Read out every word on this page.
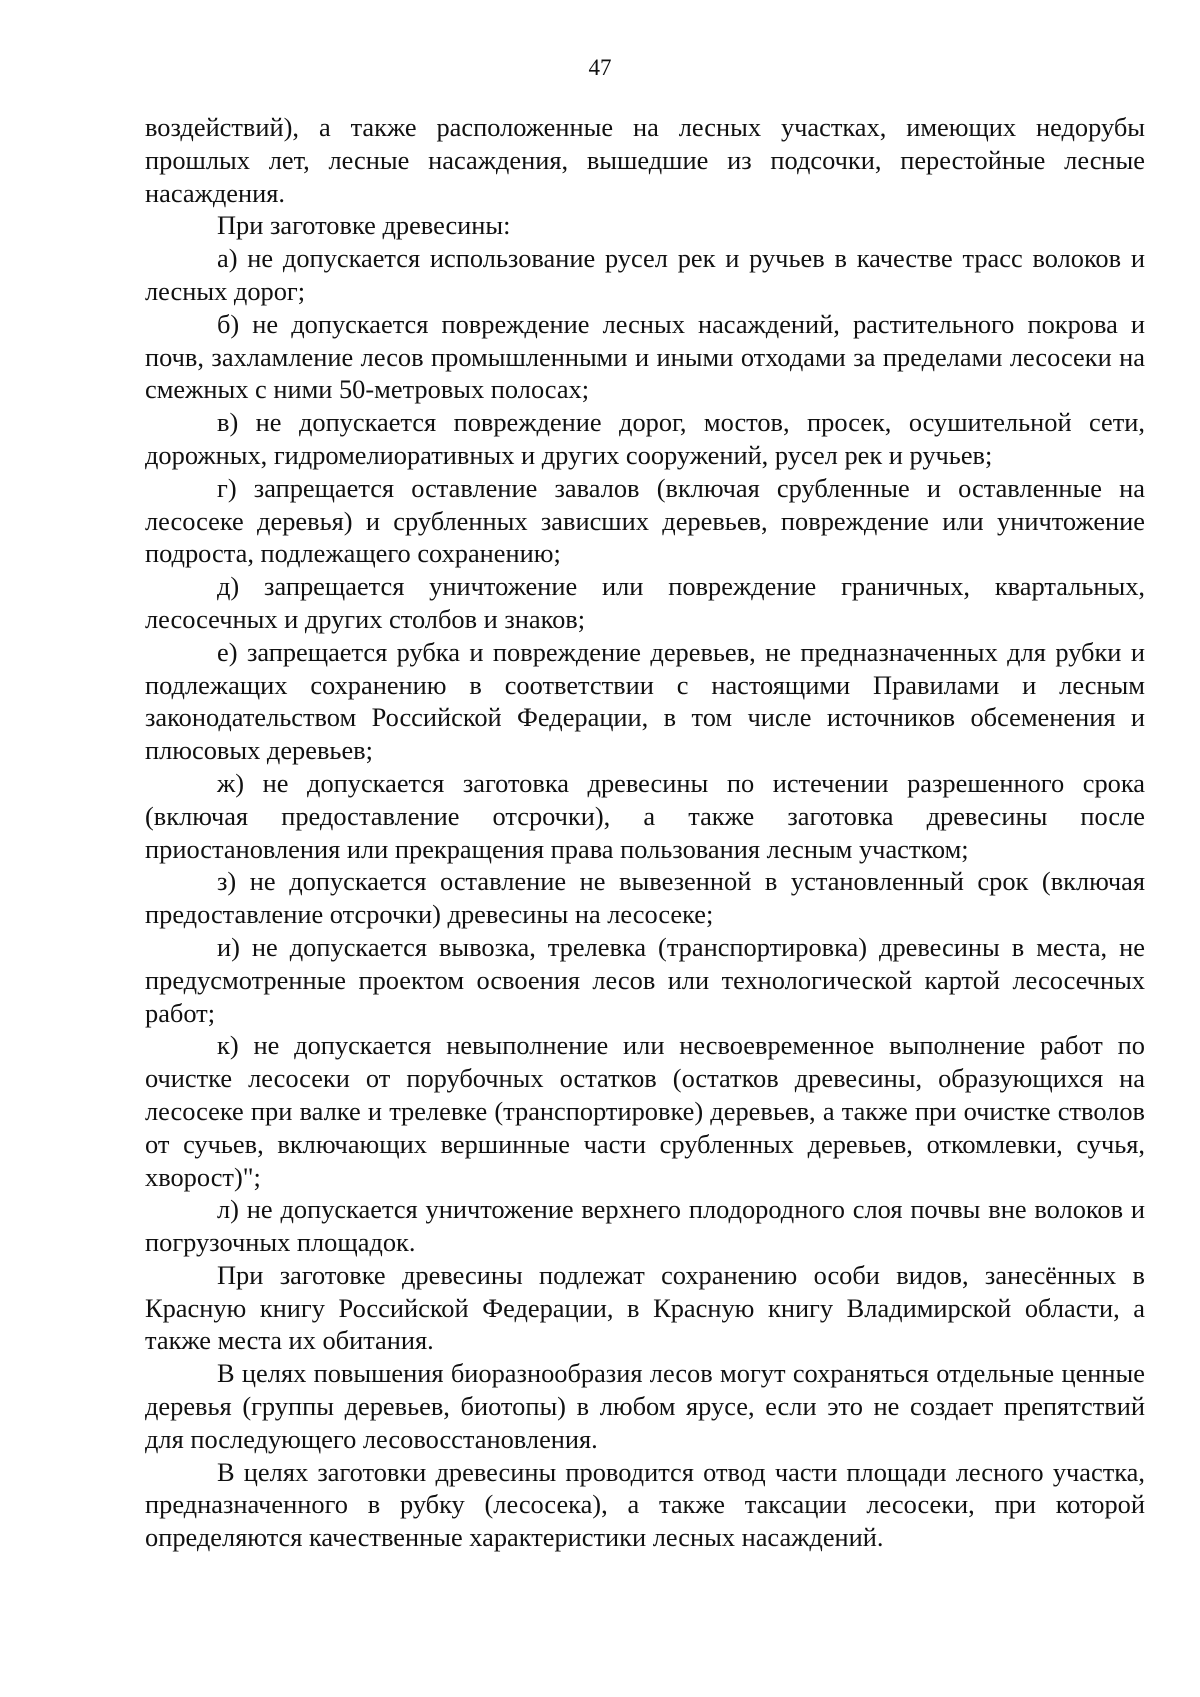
47

воздействий), а также расположенные на лесных участках, имеющих недорубы прошлых лет, лесные насаждения, вышедшие из подсочки, перестойные лесные насаждения.

При заготовке древесины:

а) не допускается использование русел рек и ручьев в качестве трасс волоков и лесных дорог;

б) не допускается повреждение лесных насаждений, растительного покрова и почв, захламление лесов промышленными и иными отходами за пределами лесосеки на смежных с ними 50-метровых полосах;

в) не допускается повреждение дорог, мостов, просек, осушительной сети, дорожных, гидромелиоративных и других сооружений, русел рек и ручьев;

г) запрещается оставление завалов (включая срубленные и оставленные на лесосеке деревья) и срубленных зависших деревьев, повреждение или уничтожение подроста, подлежащего сохранению;

д) запрещается уничтожение или повреждение граничных, квартальных, лесосечных и других столбов и знаков;

е) запрещается рубка и повреждение деревьев, не предназначенных для рубки и подлежащих сохранению в соответствии с настоящими Правилами и лесным законодательством Российской Федерации, в том числе источников обсеменения и плюсовых деревьев;

ж) не допускается заготовка древесины по истечении разрешенного срока (включая предоставление отсрочки), а также заготовка древесины после приостановления или прекращения права пользования лесным участком;

з) не допускается оставление не вывезенной в установленный срок (включая предоставление отсрочки) древесины на лесосеке;

и) не допускается вывозка, трелевка (транспортировка) древесины в места, не предусмотренные проектом освоения лесов или технологической картой лесосечных работ;

к) не допускается невыполнение или несвоевременное выполнение работ по очистке лесосеки от порубочных остатков (остатков древесины, образующихся на лесосеке при валке и трелевке (транспортировке) деревьев, а также при очистке стволов от сучьев, включающих вершинные части срубленных деревьев, откомлевки, сучья, хворост)";

л) не допускается уничтожение верхнего плодородного слоя почвы вне волоков и погрузочных площадок.

При заготовке древесины подлежат сохранению особи видов, занесённых в Красную книгу Российской Федерации, в Красную книгу Владимирской области, а также места их обитания.

В целях повышения биоразнообразия лесов могут сохраняться отдельные ценные деревья (группы деревьев, биотопы) в любом ярусе, если это не создает препятствий для последующего лесовосстановления.

В целях заготовки древесины проводится отвод части площади лесного участка, предназначенного в рубку (лесосека), а также таксации лесосеки, при которой определяются качественные характеристики лесных насаждений.
